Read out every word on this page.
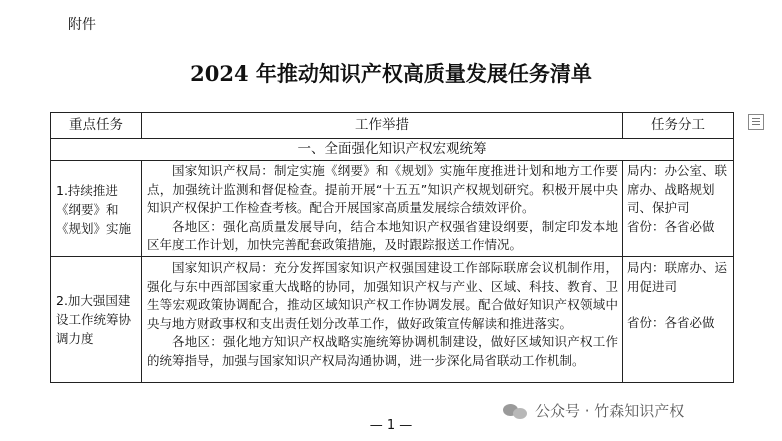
附件
2024 年推动知识产权高质量发展任务清单
重点任务	工作举措	任务分工
一、全面强化知识产权宏观统筹
1.持续推进《纲要》和《规划》实施
国家知识产权局：制定实施《纲要》和《规划》实施年度推进计划和地方工作要点，加强统计监测和督促检查。提前开展“十五五”知识产权规划研究。积极开展中央知识产权保护工作检查考核。配合开展国家高质量发展综合绩效评价。
各地区：强化高质量发展导向，结合本地知识产权强省建设纲要，制定印发本地区年度工作计划，加快完善配套政策措施，及时跟踪报送工作情况。
局内：办公室、联席办、战略规划司、保护司
省份：各省必做
2.加大强国建设工作统筹协调力度
国家知识产权局：充分发挥国家知识产权强国建设工作部际联席会议机制作用，强化与东中西部国家重大战略的协同，加强知识产权与产业、区域、科技、教育、卫生等宏观政策协调配合，推动区域知识产权工作协调发展。配合做好知识产权领域中央与地方财政事权和支出责任划分改革工作，做好政策宣传解读和推进落实。
各地区：强化地方知识产权战略实施统筹协调机制建设，做好区域知识产权工作的统筹指导，加强与国家知识产权局沟通协调，进一步深化局省联动工作机制。
局内：联席办、运用促进司
省份：各省必做
公众号 · 竹森知识产权
— 1 —
